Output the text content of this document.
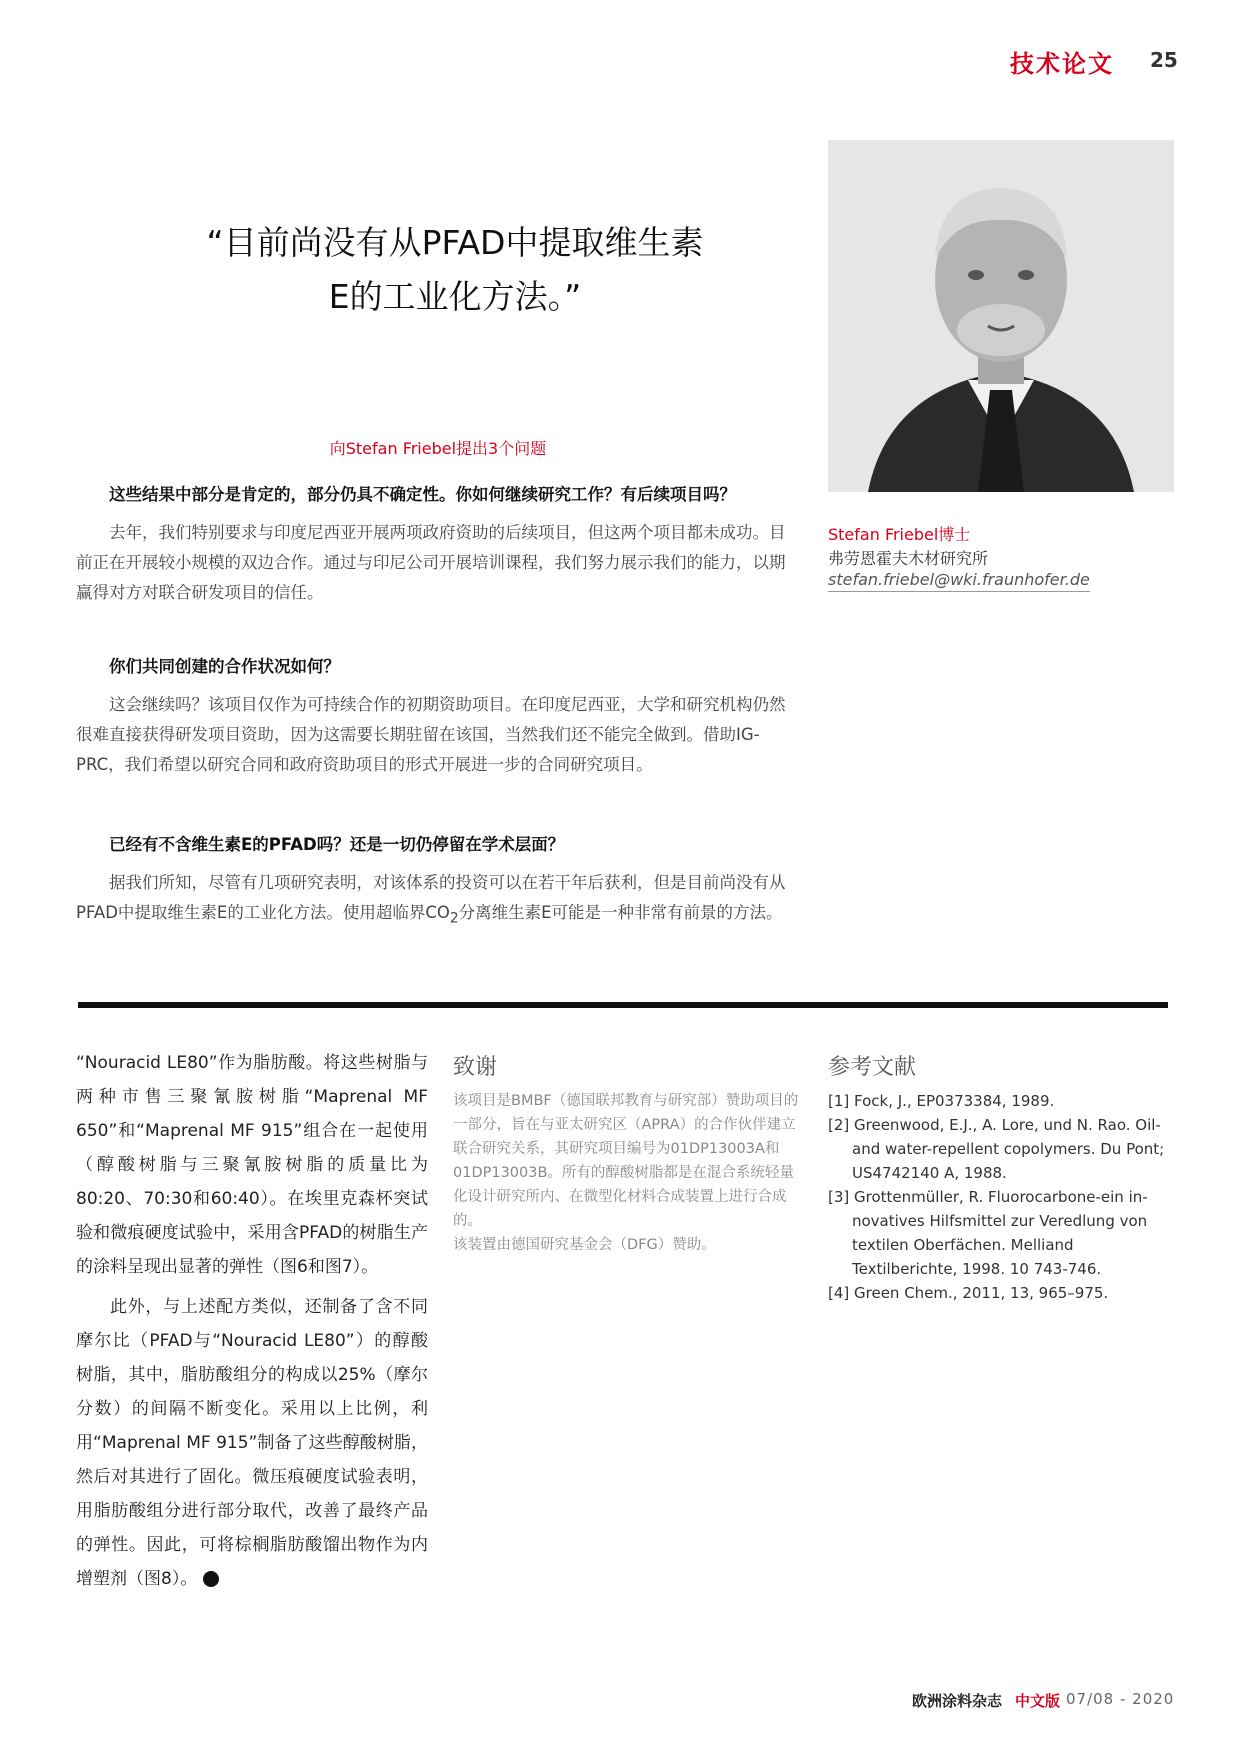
技术论文 25
“目前尚没有从PFAD中提取维生素
E的工业化方法。”
Stefan Friebel博士
弗劳恩霍夫木材研究所
stefan.friebel@wki.fraunhofer.de
向Stefan Friebel提出3个问题
这些结果中部分是肯定的，部分仍具不确定性。你如何继续研究工作？有后续项目吗？
去年，我们特别要求与印度尼西亚开展两项政府资助的后续项目，但这两个项目都未成功。目前正在开展较小规模的双边合作。通过与印尼公司开展培训课程，我们努力展示我们的能力，以期赢得对方对联合研发项目的信任。
你们共同创建的合作状况如何？
这会继续吗？该项目仅作为可持续合作的初期资助项目。在印度尼西亚，大学和研究机构仍然很难直接获得研发项目资助，因为这需要长期驻留在该国，当然我们还不能完全做到。借助IG-PRC，我们希望以研究合同和政府资助项目的形式开展进一步的合同研究项目。
已经有不含维生素E的PFAD吗？还是一切仍停留在学术层面？
据我们所知，尽管有几项研究表明，对该体系的投资可以在若干年后获利，但是目前尚没有从PFAD中提取维生素E的工业化方法。使用超临界$CO_2$分离维生素E可能是一种非常有前景的方法。

“Nouracid LE80”作为脂肪酸。将这些树脂与两种市售三聚氰胺树脂“Maprenal MF 650”和“Maprenal MF 915”组合在一起使用（醇酸树脂与三聚氰胺树脂的质量比为80:20、70:30和60:40）。在埃里克森杯突试验和微痕硬度试验中，采用含PFAD的树脂生产的涂料呈现出显著的弹性（图6和图7）。

此外，与上述配方类似，还制备了含不同摩尔比（PFAD与“Nouracid LE80”）的醇酸树脂，其中，脂肪酸组分的构成以25%（摩尔分数）的间隔不断变化。采用以上比例，利用“Maprenal MF 915”制备了这些醇酸树脂，然后对其进行了固化。微压痕硬度试验表明，用脂肪酸组分进行部分取代，改善了最终产品的弹性。因此，可将棕榈脂肪酸馏出物作为内增塑剂（图8）。	◀

致谢
该项目是BMBF（德国联邦教育与研究部）赞助项目的一部分，旨在与亚太研究区（APRA）的合作伙伴建立联合研究关系，其研究项目编号为01DP13003A和01DP13003B。所有的醇酸树脂都是在混合系统轻量化设计研究所内、在微型化材料合成装置上进行合成的。
该装置由德国研究基金会（DFG）赞助。
参考文献
[1] Fock, J., EP0373384, 1989.
[2] Greenwood, E.J., A. Lore, und N. Rao. Oil- and water-repellent copolymers. Du Pont; US4742140 A, 1988.
[3] Grottenmüller, R. Fluorocarbone-ein in-novatives Hilfsmittel zur Veredlung von textilen Oberfächen. Melliand Textilberichte, 1998. 10 743-746.
[4] Green Chem., 2011, 13, 965–975.
欧洲涂料杂志 中文版 07/08 - 2020
